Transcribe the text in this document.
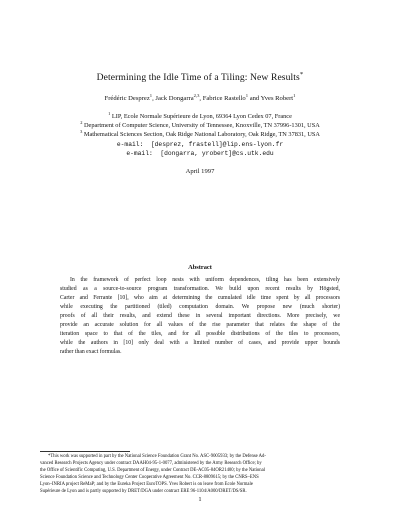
Determining the Idle Time of a Tiling: New Results*
Frédéric Desprez$^1$, Jack Dongarra$^{2,3}$, Fabrice Rastello$^1$ and Yves Robert$^1$
$^1$ LIP, Ecole Normale Supérieure de Lyon, 69364 Lyon Cedex 07, France
$^2$ Department of Computer Science, University of Tennessee, Knoxville, TN 37996-1301, USA
$^3$ Mathematical Sciences Section, Oak Ridge National Laboratory, Oak Ridge, TN 37831, USA
e-mail:  [desprez, frastell]@lip.ens-lyon.fr
e-mail:  [dongarra, yrobert]@cs.utk.edu
April 1997
Abstract
In the framework of perfect loop nests with uniform dependences, tiling has been extensively
studied as a source-to-source program transformation. We build upon recent results by Högsted,
Carter and Ferrante [10], who aim at determining the cumulated idle time spent by all processors
while executing the partitioned (tiled) computation domain. We propose new (much shorter)
proofs of all their results, and extend these in several important directions. More precisely, we
provide an accurate solution for all values of the rise parameter that relates the shape of the
iteration space to that of the tiles, and for all possible distributions of the tiles to processors,
while the authors in [10] only deal with a limited number of cases, and provide upper bounds
rather than exact formulas.
*This work was supported in part by the National Science Foundation Grant No. ASC-9005933; by the Defense Ad-
vanced Research Projects Agency under contract DAAH04-95-1-0077, administered by the Army Research Office; by
the Office of Scientific Computing, U.S. Department of Energy, under Contract DE-AC05-84OR21400; by the National
Science Foundation Science and Technology Center Cooperative Agreement No. CCR-8809615; by the CNRS–ENS
Lyon–INRIA project ReMaP; and by the Eureka Project EuroTOPS. Yves Robert is on leave from Ecole Normale
Supérieure de Lyon and is partly supported by DRET/DGA under contract ERE 96-1104/A000/DRET/DS/SR.
1
